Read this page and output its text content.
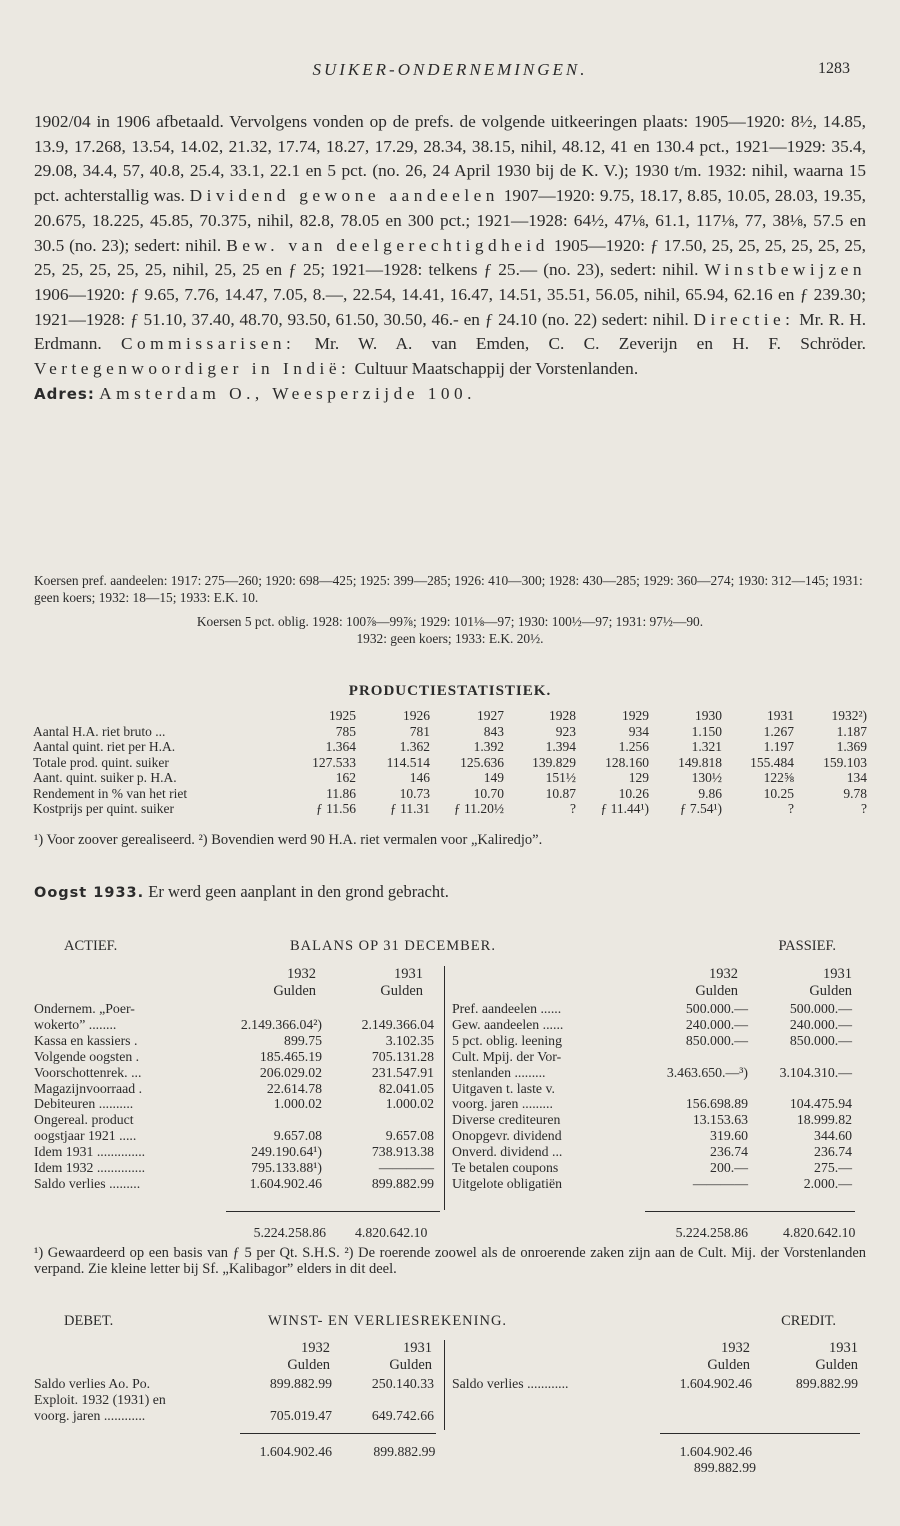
SUIKER-ONDERNEMINGEN.	1283
1902/04 in 1906 afbetaald. Vervolgens vonden op de prefs. de volgende uitkeeringen plaats: 1905—1920: 8½, 14.85, 13.9, 17.268, 13.54, 14.02, 21.32, 17.74, 18.27, 17.29, 28.34, 38.15, nihil, 48.12, 41 en 130.4 pct., 1921—1929: 35.4, 29.08, 34.4, 57, 40.8, 25.4, 33.1, 22.1 en 5 pct. (no. 26, 24 April 1930 bij de K. V.); 1930 t/m. 1932: nihil, waarna 15 pct. achterstallig was. Dividend gewone aandeelen 1907—1920: 9.75, 18.17, 8.85, 10.05, 28.03, 19.35, 20.675, 18.225, 45.85, 70.375, nihil, 82.8, 78.05 en 300 pct.; 1921—1928: 64½, 47⅛, 61.1, 117⅛, 77, 38⅛, 57.5 en 30.5 (no. 23); sedert: nihil. Bew. van deelgerechtigdheid 1905—1920: ƒ 17.50, 25, 25, 25, 25, 25, 25, 25, 25, 25, 25, 25, nihil, 25, 25 en ƒ 25; 1921—1928: telkens ƒ 25.— (no. 23), sedert: nihil. Winstbewijzen 1906—1920: ƒ 9.65, 7.76, 14.47, 7.05, 8.—, 22.54, 14.41, 16.47, 14.51, 35.51, 56.05, nihil, 65.94, 62.16 en ƒ 239.30; 1921—1928: ƒ 51.10, 37.40, 48.70, 93.50, 61.50, 30.50, 46.- en ƒ 24.10 (no. 22) sedert: nihil. Directie: Mr. R. H. Erdmann. Commissarisen: Mr. W. A. van Emden, C. C. Zeverijn en H. F. Schröder. Vertegenwoordiger in Indië: Cultuur Maatschappij der Vorstenlanden.
Adres: Amsterdam O., Weesperzijde 100.
Koersen pref. aandeelen: 1917: 275—260; 1920: 698—425; 1925: 399—285; 1926: 410—300; 1928: 430—285; 1929: 360—274; 1930: 312—145; 1931: geen koers; 1932: 18—15; 1933: E.K. 10.
Koersen 5 pct. oblig. 1928: 100⅞—99⅞; 1929: 101⅛—97; 1930: 100½—97; 1931: 97½—90.
1932: geen koers; 1933: E.K. 20½.
PRODUCTIESTATISTIEK.
	1925	1926	1927	1928	1929	1930	1931	1932²)
Aantal H.A. riet bruto ...	785	781	843	923	934	1.150	1.267	1.187
Aantal quint. riet per H.A.	1.364	1.362	1.392	1.394	1.256	1.321	1.197	1.369
Totale prod. quint. suiker	127.533	114.514	125.636	139.829	128.160	149.818	155.484	159.103
Aant. quint. suiker p. H.A.	162	146	149	151½	129	130½	122⅝	134
Rendement in % van het riet	11.86	10.73	10.70	10.87	10.26	9.86	10.25	9.78
Kostprijs per quint. suiker	ƒ 11.56	ƒ 11.31	ƒ 11.20½	?	ƒ 11.44¹)	ƒ 7.54¹)	?	?
¹) Voor zoover gerealiseerd. ²) Bovendien werd 90 H.A. riet vermalen voor „Kaliredjo”.
Oogst 1933. Er werd geen aanplant in den grond gebracht.
ACTIEF.	BALANS OP 31 DECEMBER.	PASSIEF.
1932
Gulden
1931
Gulden
1932
Gulden
1931
Gulden
Ondernem. „Poer-		
wokerto” ........	2.149.366.04²)	2.149.366.04
Kassa en kassiers .	899.75	3.102.35
Volgende oogsten .	185.465.19	705.131.28
Voorschottenrek. ...	206.029.02	231.547.91
Magazijnvoorraad .	22.614.78	82.041.05
Debiteuren ..........	1.000.02	1.000.02
Ongereal. product		
oogstjaar 1921 .....	9.657.08	9.657.08
Idem 1931 ..............	249.190.64¹)	738.913.38
Idem 1932 ..............	795.133.88¹)	————
Saldo verlies .........	1.604.902.46	899.882.99
Pref. aandeelen ......	500.000.—	500.000.—
Gew. aandeelen ......	240.000.—	240.000.—
5 pct. oblig. leening	850.000.—	850.000.—
Cult. Mpij. der Vor-		
stenlanden .........	3.463.650.—³)	3.104.310.—
Uitgaven t. laste v.		
voorg. jaren .........	156.698.89	104.475.94
Diverse crediteuren	13.153.63	18.999.82
Onopgevr. dividend	319.60	344.60
Onverd. dividend ...	236.74	236.74
Te betalen coupons	200.—	275.—
Uitgelote obligatiën	————	2.000.—
5.224.258.86 4.820.642.10	5.224.258.86	4.820.642.10
¹) Gewaardeerd op een basis van ƒ 5 per Qt. S.H.S. ²) De roerende zoowel als de onroerende zaken zijn aan de Cult. Mij. der Vorstenlanden verpand. Zie kleine letter bij Sf. „Kalibagor” elders in dit deel.
DEBET.	WINST- EN VERLIESREKENING.	CREDIT.
1932
Gulden
1931
Gulden
1932
Gulden
1931
Gulden
Saldo verlies Ao. Po.	899.882.99	250.140.33
Exploit. 1932 (1931) en		
voorg. jaren ............	705.019.47	649.742.66
Saldo verlies ............	1.604.902.46	899.882.99
1.604.902.46	899.882.99	1.604.902.46 899.882.99
